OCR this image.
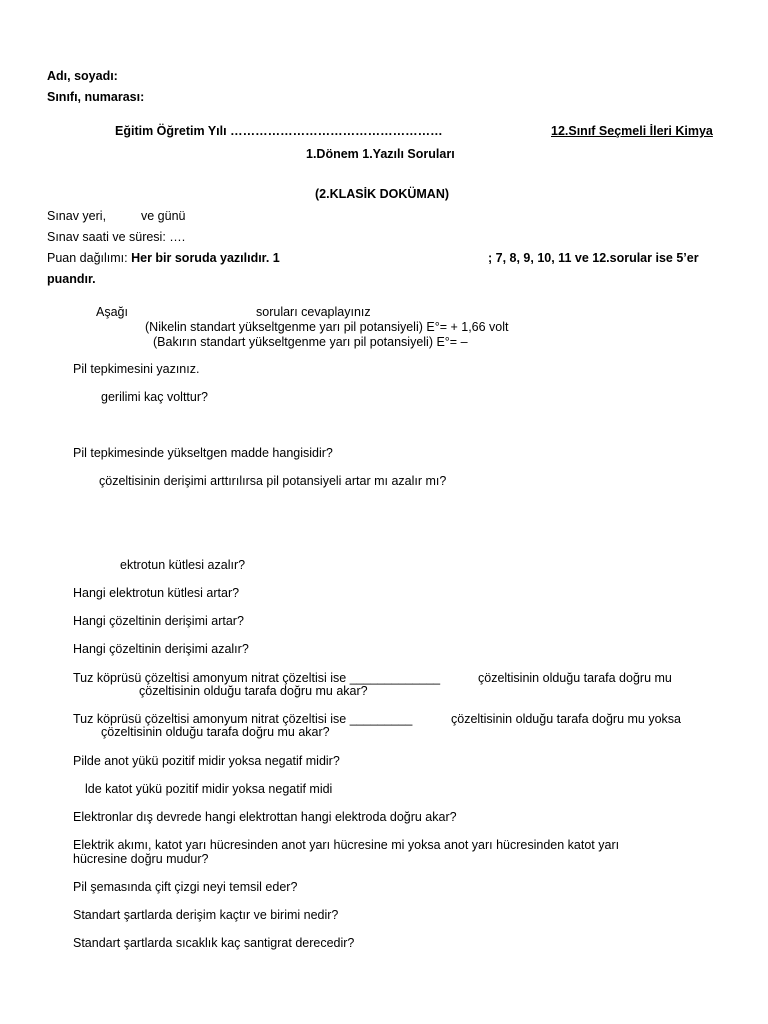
Adı, soyadı:
Sınıfı, numarası:
Eğitim Öğretim Yılı ……………………………………………	12.Sınıf Seçmeli İleri Kimya
1.Dönem 1.Yazılı Soruları
(2.KLASİK DOKÜMAN)
Sınav yeri,	ve günü
Sınav saati ve süresi: ….
Puan dağılımı: Her bir soruda yazılıdır. 1	; 7, 8, 9, 10, 11 ve 12.sorular ise 5’er
puandır.
Aşağı	soruları cevaplayınız
(Nikelin standart yükseltgenme yarı pil potansiyeli) E°= + 1,66 volt
(Bakırın standart yükseltgenme yarı pil potansiyeli) E°= –
Pil tepkimesini yazınız.
gerilimi kaç volttur?
Pil tepkimesinde yükseltgen madde hangisidir?
çözeltisinin derişimi arttırılırsa pil potansiyeli artar mı azalır mı?
ektrotun kütlesi azalır?
Hangi elektrotun kütlesi artar?
Hangi çözeltinin derişimi artar?
Hangi çözeltinin derişimi azalır?
Tuz köprüsü çözeltisi amonyum nitrat çözeltisi ise _____________	çözeltisinin olduğu tarafa doğru mu
çözeltisinin olduğu tarafa doğru mu akar?
Tuz köprüsü çözeltisi amonyum nitrat çözeltisi ise _________	çözeltisinin olduğu tarafa doğru mu yoksa
çözeltisinin olduğu tarafa doğru mu akar?
Pilde anot yükü pozitif midir yoksa negatif midir?
lde katot yükü pozitif midir yoksa negatif midi
Elektronlar dış devrede hangi elektrottan hangi elektroda doğru akar?
Elektrik akımı, katot yarı hücresinden anot yarı hücresine mi yoksa anot yarı hücresinden katot yarı
hücresine doğru mudur?
Pil şemasında çift çizgi neyi temsil eder?
Standart şartlarda derişim kaçtır ve birimi nedir?
Standart şartlarda sıcaklık kaç santigrat derecedir?
